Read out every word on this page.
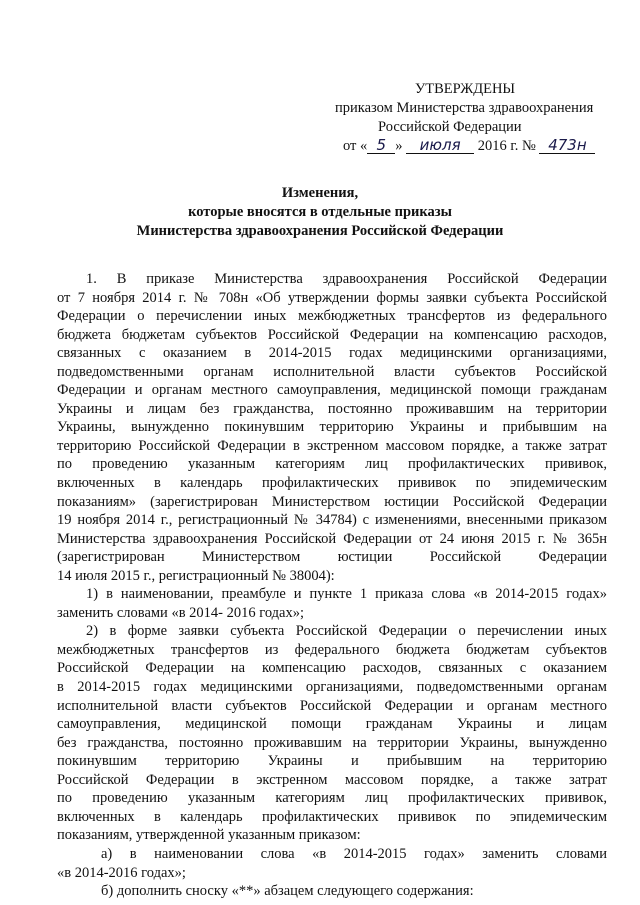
УТВЕРЖДЕНЫ
приказом Министерства здравоохранения
Российской Федерации
от « 5 » июля 2016 г. № 473н
Изменения,
которые вносятся в отдельные приказы
Министерства здравоохранения Российской Федерации
1. В приказе Министерства здравоохранения Российской Федерации
от 7 ноября 2014 г. № 708н «Об утверждении формы заявки субъекта Российской
Федерации о перечислении иных межбюджетных трансфертов из федерального
бюджета бюджетам субъектов Российской Федерации на компенсацию расходов,
связанных с оказанием в 2014-2015 годах медицинскими организациями,
подведомственными органам исполнительной власти субъектов Российской
Федерации и органам местного самоуправления, медицинской помощи гражданам
Украины и лицам без гражданства, постоянно проживавшим на территории
Украины, вынужденно покинувшим территорию Украины и прибывшим на
территорию Российской Федерации в экстренном массовом порядке, а также затрат
по проведению указанным категориям лиц профилактических прививок,
включенных в календарь профилактических прививок по эпидемическим
показаниям» (зарегистрирован Министерством юстиции Российской Федерации
19 ноября 2014 г., регистрационный № 34784) с изменениями, внесенными приказом
Министерства здравоохранения Российской Федерации от 24 июня 2015 г. № 365н
(зарегистрирован Министерством юстиции Российской Федерации
14 июля 2015 г., регистрационный № 38004):
1) в наименовании, преамбуле и пункте 1 приказа слова «в 2014-2015 годах»
заменить словами «в 2014- 2016 годах»;
2) в форме заявки субъекта Российской Федерации о перечислении иных
межбюджетных трансфертов из федерального бюджета бюджетам субъектов
Российской Федерации на компенсацию расходов, связанных с оказанием
в 2014-2015 годах медицинскими организациями, подведомственными органам
исполнительной власти субъектов Российской Федерации и органам местного
самоуправления, медицинской помощи гражданам Украины и лицам
без гражданства, постоянно проживавшим на территории Украины, вынужденно
покинувшим территорию Украины и прибывшим на территорию
Российской Федерации в экстренном массовом порядке, а также затрат
по проведению указанным категориям лиц профилактических прививок,
включенных в календарь профилактических прививок по эпидемическим
показаниям, утвержденной указанным приказом:
а) в наименовании слова «в 2014-2015 годах» заменить словами
«в 2014-2016 годах»;
б) дополнить сноску «**» абзацем следующего содержания:
